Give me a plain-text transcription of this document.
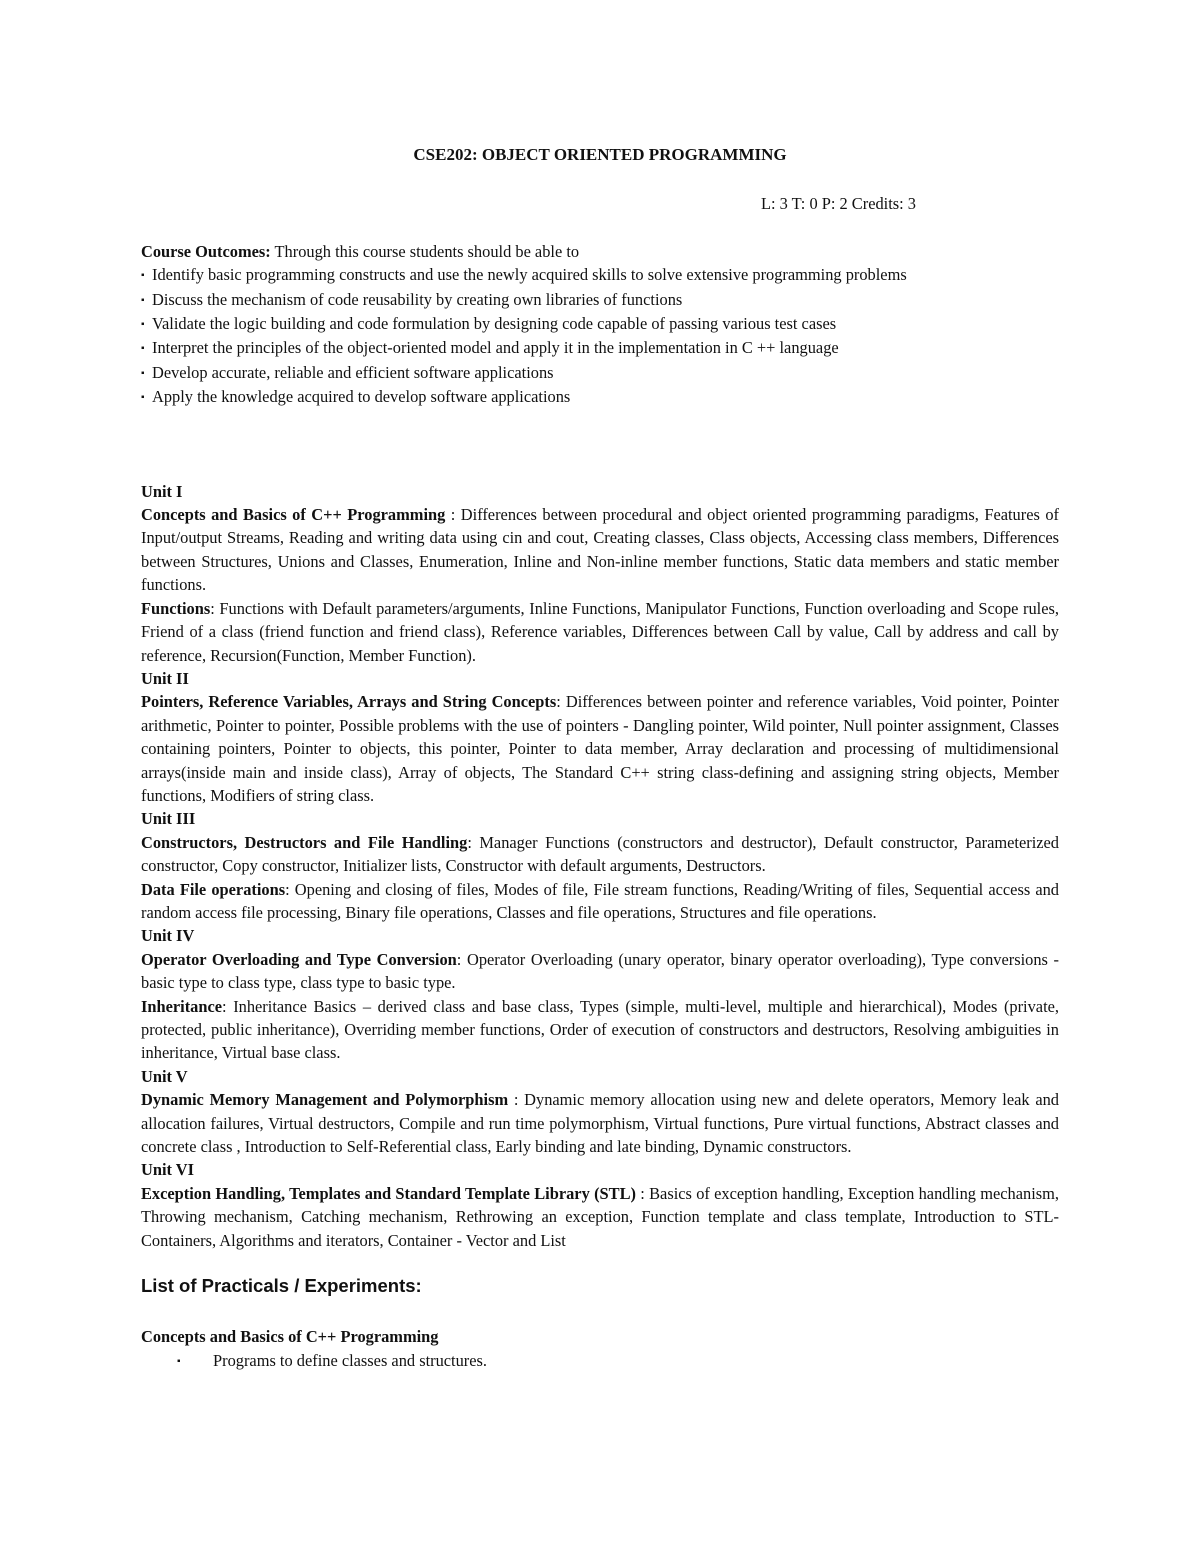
CSE202: OBJECT ORIENTED PROGRAMMING
L: 3 T: 0 P: 2 Credits: 3

Course Outcomes: Through this course students should be able to

▪ Identify basic programming constructs and use the newly acquired skills to solve extensive programming problems
▪ Discuss the mechanism of code reusability by creating own libraries of functions
▪ Validate the logic building and code formulation by designing code capable of passing various test cases
▪ Interpret the principles of the object-oriented model and apply it in the implementation in C ++ language
▪ Develop accurate, reliable and efficient software applications
▪ Apply the knowledge acquired to develop software applications
Unit I

Concepts and Basics of C++ Programming : Differences between procedural and object oriented programming paradigms, Features of Input/output Streams, Reading and writing data using cin and cout, Creating classes, Class objects, Accessing class members, Differences between Structures, Unions and Classes, Enumeration, Inline and Non-inline member functions, Static data members and static member functions.

Functions: Functions with Default parameters/arguments, Inline Functions, Manipulator Functions, Function overloading and Scope rules, Friend of a class (friend function and friend class), Reference variables, Differences between Call by value, Call by address and call by reference, Recursion(Function, Member Function).

Unit II

Pointers, Reference Variables, Arrays and String Concepts: Differences between pointer and reference variables, Void pointer, Pointer arithmetic, Pointer to pointer, Possible problems with the use of pointers - Dangling pointer, Wild pointer, Null pointer assignment, Classes containing pointers, Pointer to objects, this pointer, Pointer to data member, Array declaration and processing of multidimensional arrays(inside main and inside class), Array of objects, The Standard C++ string class-defining and assigning string objects, Member functions, Modifiers of string class.

Unit III

Constructors, Destructors and File Handling: Manager Functions (constructors and destructor), Default constructor, Parameterized constructor, Copy constructor, Initializer lists, Constructor with default arguments, Destructors.

Data File operations: Opening and closing of files, Modes of file, File stream functions, Reading/Writing of files, Sequential access and random access file processing, Binary file operations, Classes and file operations, Structures and file operations.

Unit IV

Operator Overloading and Type Conversion: Operator Overloading (unary operator, binary operator overloading), Type conversions - basic type to class type, class type to basic type.

Inheritance: Inheritance Basics – derived class and base class, Types (simple, multi-level, multiple and hierarchical), Modes (private, protected, public inheritance), Overriding member functions, Order of execution of constructors and destructors, Resolving ambiguities in inheritance, Virtual base class.

Unit V

Dynamic Memory Management and Polymorphism : Dynamic memory allocation using new and delete operators, Memory leak and allocation failures, Virtual destructors, Compile and run time polymorphism, Virtual functions, Pure virtual functions, Abstract classes and concrete class , Introduction to Self-Referential class, Early binding and late binding, Dynamic constructors.

Unit VI

Exception Handling, Templates and Standard Template Library (STL) : Basics of exception handling, Exception handling mechanism, Throwing mechanism, Catching mechanism, Rethrowing an exception, Function template and class template, Introduction to STL- Containers, Algorithms and iterators, Container - Vector and List

List of Practicals / Experiments:
Concepts and Basics of C++ Programming
▪ Programs to define classes and structures.
